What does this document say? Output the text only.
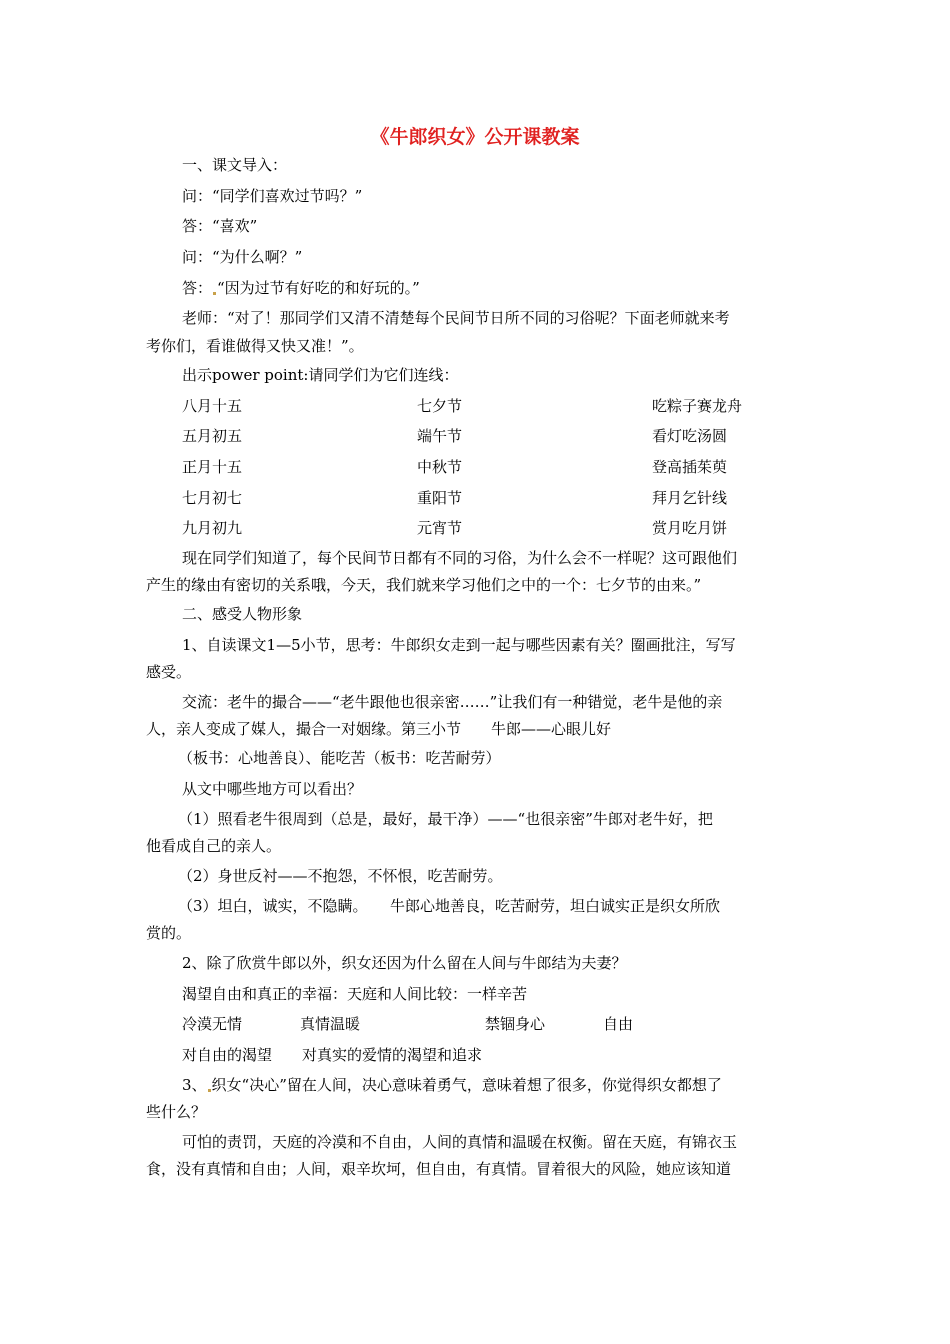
《牛郎织女》公开课教案
一、课文导入：
问：“同学们喜欢过节吗？”
答：“喜欢”
问：“为什么啊？”
答： “因为过节有好吃的和好玩的。”
老师：“对了！那同学们又清不清楚每个民间节日所不同的习俗呢？下面老师就来考
考你们，看谁做得又快又准！”。
出示power point:请同学们为它们连线：
八月十五	七夕节	吃粽子赛龙舟
五月初五	端午节	看灯吃汤圆
正月十五	中秋节	登高插茱萸
七月初七	重阳节	拜月乞针线
九月初九	元宵节	赏月吃月饼
现在同学们知道了，每个民间节日都有不同的习俗，为什么会不一样呢？这可跟他们
产生的缘由有密切的关系哦，今天，我们就来学习他们之中的一个：七夕节的由来。”
二、感受人物形象
1、自读课文1—5小节，思考：牛郎织女走到一起与哪些因素有关？圈画批注，写写
感受。
交流：老牛的撮合——“老牛跟他也很亲密……”让我们有一种错觉，老牛是他的亲
人，亲人变成了媒人，撮合一对姻缘。第三小节　　牛郎——心眼儿好
（板书：心地善良）、能吃苦（板书：吃苦耐劳）
从文中哪些地方可以看出？
（1）照看老牛很周到（总是，最好，最干净）——“也很亲密”牛郎对老牛好，把
他看成自己的亲人。
（2）身世反衬——不抱怨，不怀恨，吃苦耐劳。
（3）坦白，诚实，不隐瞒。　　牛郎心地善良，吃苦耐劳，坦白诚实正是织女所欣
赏的。
2、除了欣赏牛郎以外，织女还因为什么留在人间与牛郎结为夫妻？
渴望自由和真正的幸福：天庭和人间比较：一样辛苦
冷漠无情	真情温暖	禁锢身心	自由
对自由的渴望　　对真实的爱情的渴望和追求
3、 织女“决心”留在人间，决心意味着勇气，意味着想了很多，你觉得织女都想了
些什么？
可怕的责罚，天庭的冷漠和不自由，人间的真情和温暖在权衡。留在天庭，有锦衣玉
食，没有真情和自由；人间，艰辛坎坷，但自由，有真情。冒着很大的风险，她应该知道
